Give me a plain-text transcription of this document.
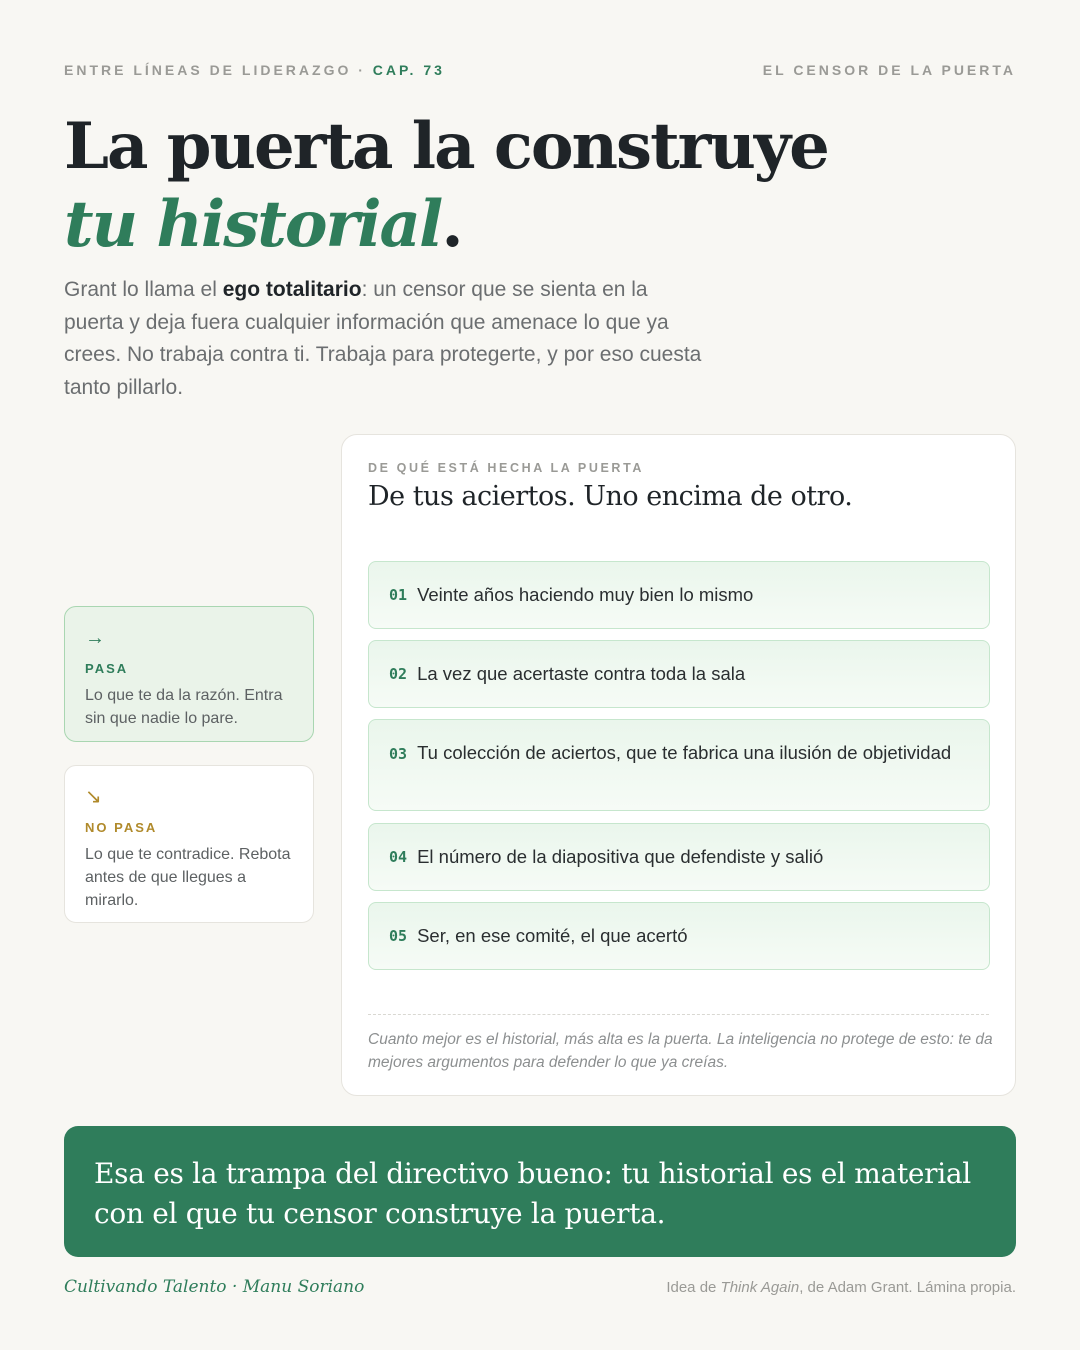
ENTRE LÍNEAS DE LIDERAZGO · CAP. 73	EL CENSOR DE LA PUERTA
La puerta la construye
tu historial.

Grant lo llama el ego totalitario: un censor que se sienta en la puerta y deja fuera cualquier información que amenace lo que ya crees. No trabaja contra ti. Trabaja para protegerte, y por eso cuesta tanto pillarlo.

→
PASA
Lo que te da la razón. Entra sin que nadie lo pare.
↘
NO PASA
Lo que te contradice. Rebota antes de que llegues a mirarlo.
DE QUÉ ESTÁ HECHA LA PUERTA
De tus aciertos. Uno encima de otro.
01 Veinte años haciendo muy bien lo mismo
02 La vez que acertaste contra toda la sala
03 Tu colección de aciertos, que te fabrica una ilusión de objetividad
04 El número de la diapositiva que defendiste y salió
05 Ser, en ese comité, el que acertó

Cuanto mejor es el historial, más alta es la puerta. La inteligencia no protege de esto: te da mejores argumentos para defender lo que ya creías.

Esa es la trampa del directivo bueno: tu historial es el material con el que tu censor construye la puerta.

Cultivando Talento · Manu Soriano	Idea de Think Again, de Adam Grant. Lámina propia.
